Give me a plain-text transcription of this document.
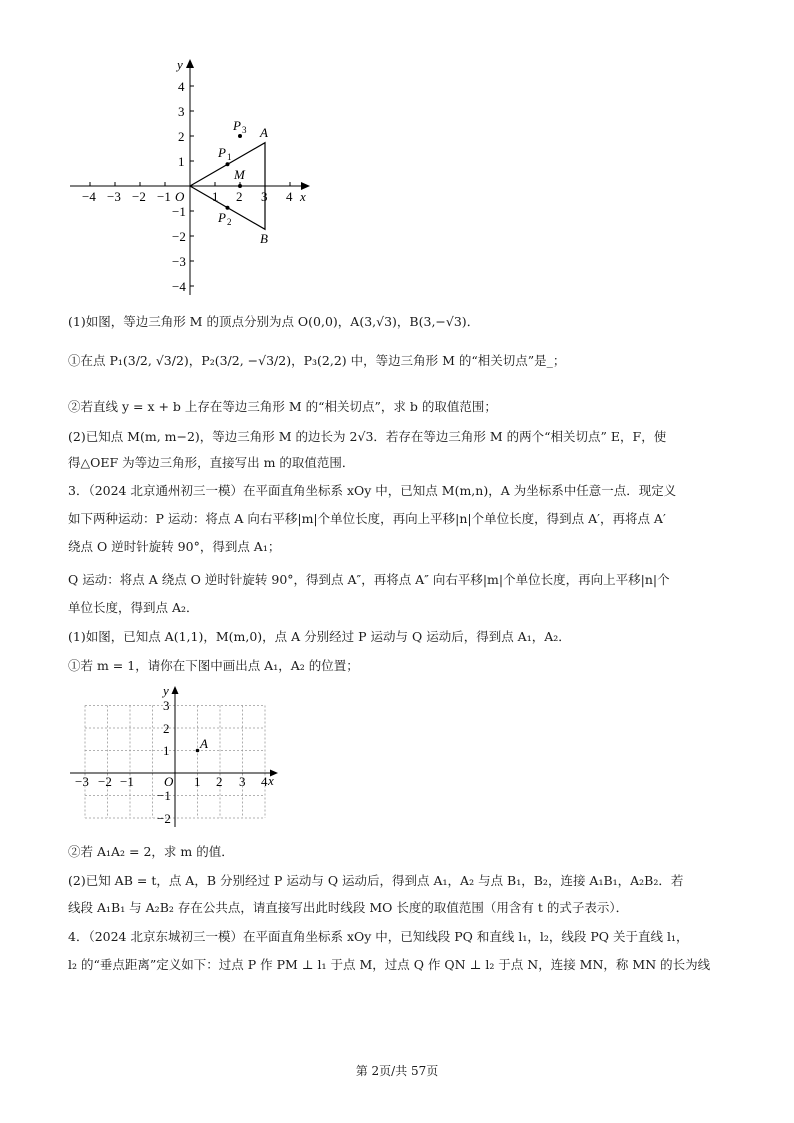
y
x
O
−4 −3 −2 −1	1 2 3 4
4
3
2
1
−1
−2
−3
−4
P 3
P 1
P 2
M
A
B
(1)如图，等边三角形 M 的顶点分别为点 O(0,0)，A(3,√3)，B(3,−√3)．
①在点 P₁(3/2, √3/2)，P₂(3/2, −√3/2)，P₃(2,2) 中，等边三角形 M 的“相关切点”是_；
②若直线 y = x + b 上存在等边三角形 M 的“相关切点”，求 b 的取值范围；
(2)已知点 M(m, m−2)，等边三角形 M 的边长为 2√3．若存在等边三角形 M 的两个“相关切点” E，F，使
得△OEF 为等边三角形，直接写出 m 的取值范围．
3．（2024 北京通州初三一模）在平面直角坐标系 xOy 中，已知点 M(m,n)，A 为坐标系中任意一点．现定义
如下两种运动：P 运动：将点 A 向右平移|m|个单位长度，再向上平移|n|个单位长度，得到点 A′，再将点 A′
绕点 O 逆时针旋转 90°，得到点 A₁；
Q 运动：将点 A 绕点 O 逆时针旋转 90°，得到点 A″，再将点 A″ 向右平移|m|个单位长度，再向上平移|n|个
单位长度，得到点 A₂．
(1)如图，已知点 A(1,1)，M(m,0)，点 A 分别经过 P 运动与 Q 运动后，得到点 A₁，A₂．
①若 m = 1，请你在下图中画出点 A₁，A₂ 的位置；
y
x
O
−3 −2 −1	1 2 3 4
3
2
1
−1
−2
A
②若 A₁A₂ = 2，求 m 的值．
(2)已知 AB = t，点 A，B 分别经过 P 运动与 Q 运动后，得到点 A₁，A₂ 与点 B₁，B₂，连接 A₁B₁，A₂B₂．若
线段 A₁B₁ 与 A₂B₂ 存在公共点，请直接写出此时线段 MO 长度的取值范围（用含有 t 的式子表示）．
4．（2024 北京东城初三一模）在平面直角坐标系 xOy 中，已知线段 PQ 和直线 l₁，l₂，线段 PQ 关于直线 l₁，
l₂ 的“垂点距离”定义如下：过点 P 作 PM ⊥ l₁ 于点 M，过点 Q 作 QN ⊥ l₂ 于点 N，连接 MN，称 MN 的长为线
第 2页/共 57页
